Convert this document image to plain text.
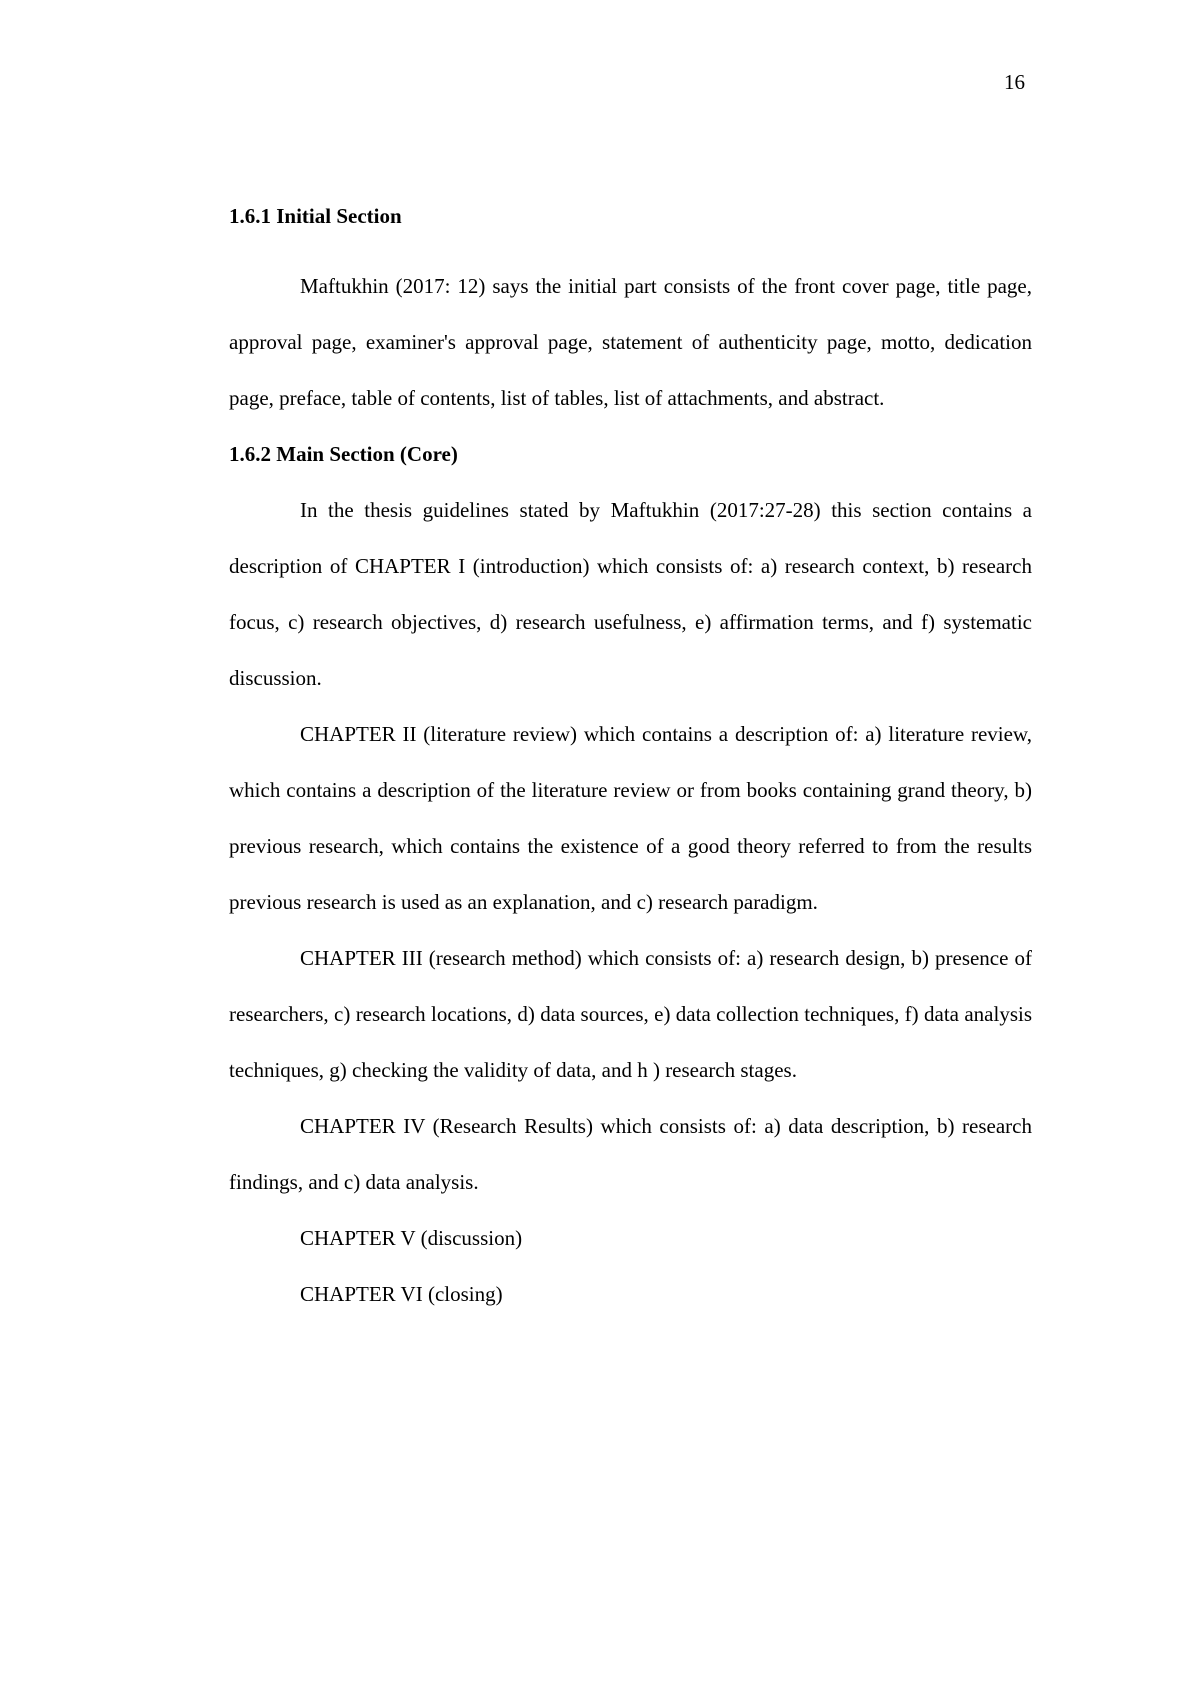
16
1.6.1 Initial Section

Maftukhin (2017: 12) says the initial part consists of the front cover page, title page, approval page, examiner's approval page, statement of authenticity page, motto, dedication page, preface, table of contents, list of tables, list of attachments, and abstract.

1.6.2 Main Section (Core)

In the thesis guidelines stated by Maftukhin (2017:27-28) this section contains a description of CHAPTER I (introduction) which consists of: a) research context, b) research focus, c) research objectives, d) research usefulness, e) affirmation terms, and f) systematic discussion.

CHAPTER II (literature review) which contains a description of: a) literature review, which contains a description of the literature review or from books containing grand theory, b) previous research, which contains the existence of a good theory referred to from the results previous research is used as an explanation, and c) research paradigm.

CHAPTER III (research method) which consists of: a) research design, b) presence of researchers, c) research locations, d) data sources, e) data collection techniques, f) data analysis techniques, g) checking the validity of data, and h ) research stages.

CHAPTER IV (Research Results) which consists of: a) data description, b) research findings, and c) data analysis.

CHAPTER V (discussion)

CHAPTER VI (closing)
